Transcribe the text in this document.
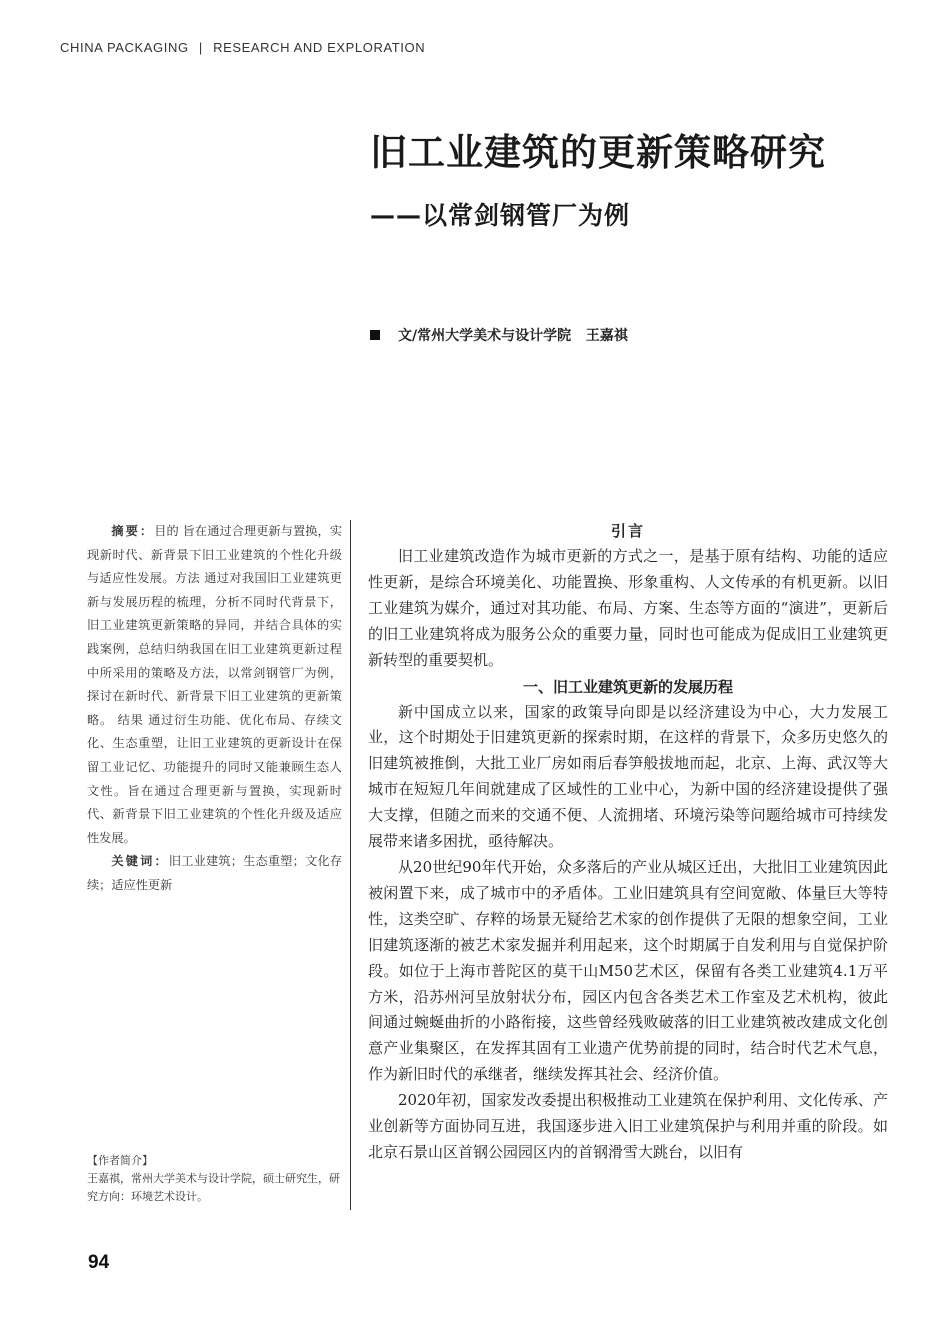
CHINA PACKAGING | RESEARCH AND EXPLORATION
旧工业建筑的更新策略研究
——以常剑钢管厂为例
文/常州大学美术与设计学院   王嘉祺

摘要：目的 旨在通过合理更新与置换，实现新时代、新背景下旧工业建筑的个性化升级与适应性发展。方法 通过对我国旧工业建筑更新与发展历程的梳理，分析不同时代背景下，旧工业建筑更新策略的异同，并结合具体的实践案例，总结归纳我国在旧工业建筑更新过程中所采用的策略及方法，以常剑钢管厂为例，探讨在新时代、新背景下旧工业建筑的更新策略。 结果 通过衍生功能、优化布局、存续文化、生态重塑，让旧工业建筑的更新设计在保留工业记忆、功能提升的同时又能兼顾生态人文性。旨在通过合理更新与置换，实现新时代、新背景下旧工业建筑的个性化升级及适应性发展。

关键词：旧工业建筑；生态重塑；文化存续；适应性更新

【作者简介】
王嘉祺，常州大学美术与设计学院，硕士研究生，研究方向：环境艺术设计。
引言

旧工业建筑改造作为城市更新的方式之一，是基于原有结构、功能的适应性更新，是综合环境美化、功能置换、形象重构、人文传承的有机更新。以旧工业建筑为媒介，通过对其功能、布局、方案、生态等方面的“演进”，更新后的旧工业建筑将成为服务公众的重要力量，同时也可能成为促成旧工业建筑更新转型的重要契机。

一、旧工业建筑更新的发展历程

新中国成立以来，国家的政策导向即是以经济建设为中心，大力发展工业，这个时期处于旧建筑更新的探索时期，在这样的背景下，众多历史悠久的旧建筑被推倒，大批工业厂房如雨后春笋般拔地而起，北京、上海、武汉等大城市在短短几年间就建成了区域性的工业中心，为新中国的经济建设提供了强大支撑，但随之而来的交通不便、人流拥堵、环境污染等问题给城市可持续发展带来诸多困扰，亟待解决。

从20世纪90年代开始，众多落后的产业从城区迁出，大批旧工业建筑因此被闲置下来，成了城市中的矛盾体。工业旧建筑具有空间宽敞、体量巨大等特性，这类空旷、存粹的场景无疑给艺术家的创作提供了无限的想象空间，工业旧建筑逐渐的被艺术家发掘并利用起来，这个时期属于自发利用与自觉保护阶段。如位于上海市普陀区的莫干山M50艺术区，保留有各类工业建筑4.1万平方米，沿苏州河呈放射状分布，园区内包含各类艺术工作室及艺术机构，彼此间通过蜿蜒曲折的小路衔接，这些曾经残败破落的旧工业建筑被改建成文化创意产业集聚区，在发挥其固有工业遗产优势前提的同时，结合时代艺术气息，作为新旧时代的承继者，继续发挥其社会、经济价值。

2020年初，国家发改委提出积极推动工业建筑在保护利用、文化传承、产业创新等方面协同互进，我国逐步进入旧工业建筑保护与利用并重的阶段。如北京石景山区首钢公园园区内的首钢滑雪大跳台，以旧有

94
